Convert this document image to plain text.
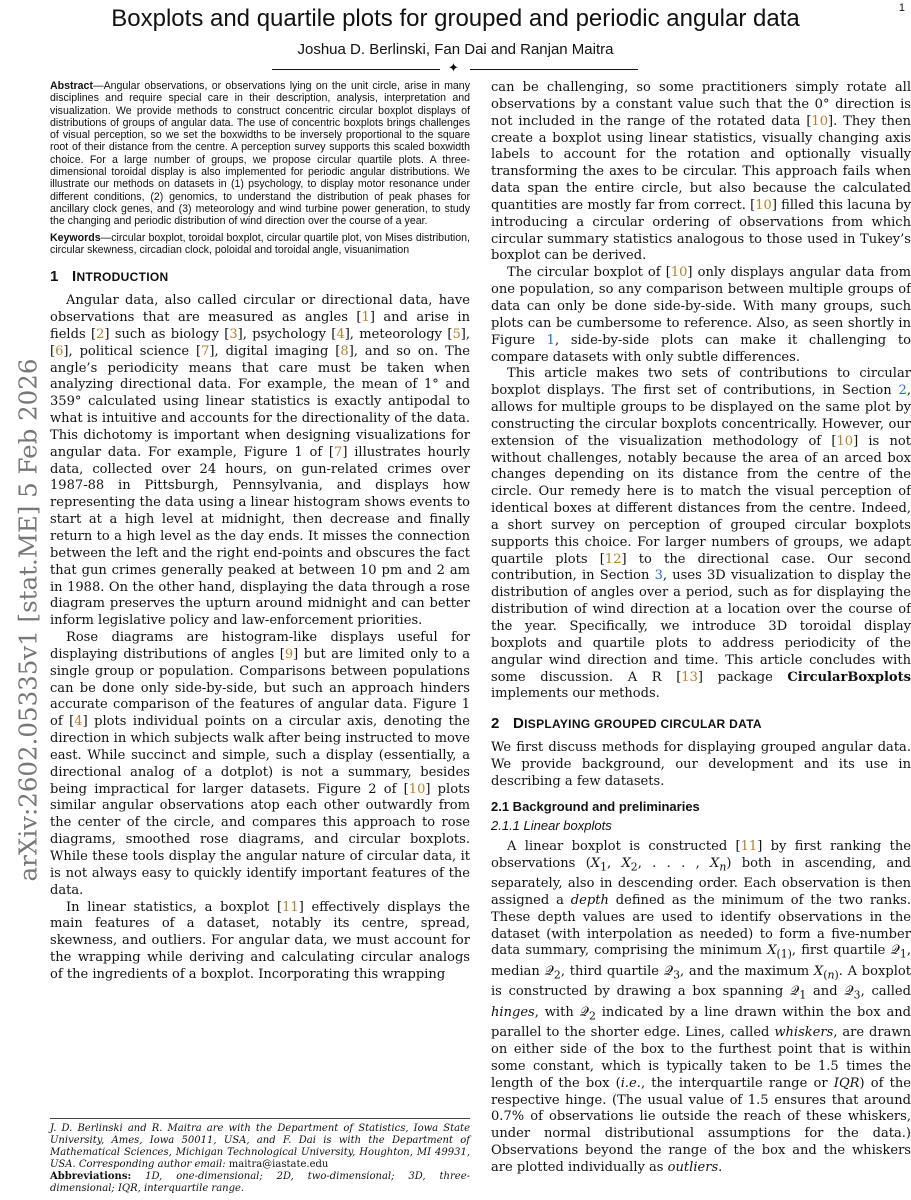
1
Boxplots and quartile plots for grouped and periodic angular data
Joshua D. Berlinski, Fan Dai and Ranjan Maitra
✦
arXiv:2602.05335v1 [stat.ME] 5 Feb 2026

Abstract—Angular observations, or observations lying on the unit circle, arise in many disciplines and require special care in their description, analysis, interpretation and visualization. We provide methods to construct concentric circular boxplot displays of distributions of groups of angular data. The use of concentric boxplots brings challenges of visual perception, so we set the boxwidths to be inversely proportional to the square root of their distance from the centre. A perception survey supports this scaled boxwidth choice. For a large number of groups, we propose circular quartile plots. A three-dimensional toroidal display is also implemented for periodic angular distributions. We illustrate our methods on datasets in (1) psychology, to display motor resonance under different conditions, (2) genomics, to understand the distribution of peak phases for ancillary clock genes, and (3) meteorology and wind turbine power generation, to study the changing and periodic distribution of wind direction over the course of a year.

Keywords—circular boxplot, toroidal boxplot, circular quartile plot, von Mises distribution, circular skewness, circadian clock, poloidal and toroidal angle, visuanimation

1 INTRODUCTION

Angular data, also called circular or directional data, have observations that are measured as angles [1] and arise in fields [2] such as biology [3], psychology [4], meteorology [5], [6], political science [7], digital imaging [8], and so on. The angle’s periodicity means that care must be taken when analyzing directional data. For example, the mean of 1° and 359° calculated using linear statistics is exactly antipodal to what is intuitive and accounts for the directionality of the data. This dichotomy is important when designing visualizations for angular data. For example, Figure 1 of [7] illustrates hourly data, collected over 24 hours, on gun-related crimes over 1987-88 in Pittsburgh, Pennsylvania, and displays how representing the data using a linear histogram shows events to start at a high level at midnight, then decrease and finally return to a high level as the day ends. It misses the connection between the left and the right end-points and obscures the fact that gun crimes generally peaked at between 10 pm and 2 am in 1988. On the other hand, displaying the data through a rose diagram preserves the upturn around midnight and can better inform legislative policy and law-enforcement priorities.

Rose diagrams are histogram-like displays useful for displaying distributions of angles [9] but are limited only to a single group or population. Comparisons between populations can be done only side-by-side, but such an approach hinders accurate comparison of the features of angular data. Figure 1 of [4] plots individual points on a circular axis, denoting the direction in which subjects walk after being instructed to move east. While succinct and simple, such a display (essentially, a directional analog of a dotplot) is not a summary, besides being impractical for larger datasets. Figure 2 of [10] plots similar angular observations atop each other outwardly from the center of the circle, and compares this approach to rose diagrams, smoothed rose diagrams, and circular boxplots. While these tools display the angular nature of circular data, it is not always easy to quickly identify important features of the data.

In linear statistics, a boxplot [11] effectively displays the main features of a dataset, notably its centre, spread, skewness, and outliers. For angular data, we must account for the wrapping while deriving and calculating circular analogs of the ingredients of a boxplot. Incorporating this wrapping

J. D. Berlinski and R. Maitra are with the Department of Statistics, Iowa State University, Ames, Iowa 50011, USA, and F. Dai is with the Department of Mathematical Sciences, Michigan Technological University, Houghton, MI 49931, USA. Corresponding author email: maitra@iastate.edu
Abbreviations: 1D, one-dimensional; 2D, two-dimensional; 3D, three-dimensional; IQR, interquartile range.

can be challenging, so some practitioners simply rotate all observations by a constant value such that the 0° direction is not included in the range of the rotated data [10]. They then create a boxplot using linear statistics, visually changing axis labels to account for the rotation and optionally visually transforming the axes to be circular. This approach fails when data span the entire circle, but also because the calculated quantities are mostly far from correct. [10] filled this lacuna by introducing a circular ordering of observations from which circular summary statistics analogous to those used in Tukey’s boxplot can be derived.

The circular boxplot of [10] only displays angular data from one population, so any comparison between multiple groups of data can only be done side-by-side. With many groups, such plots can be cumbersome to reference. Also, as seen shortly in Figure 1, side-by-side plots can make it challenging to compare datasets with only subtle differences.

This article makes two sets of contributions to circular boxplot displays. The first set of contributions, in Section 2, allows for multiple groups to be displayed on the same plot by constructing the circular boxplots concentrically. However, our extension of the visualization methodology of [10] is not without challenges, notably because the area of an arced box changes depending on its distance from the centre of the circle. Our remedy here is to match the visual perception of identical boxes at different distances from the centre. Indeed, a short survey on perception of grouped circular boxplots supports this choice. For larger numbers of groups, we adapt quartile plots [12] to the directional case. Our second contribution, in Section 3, uses 3D visualization to display the distribution of angles over a period, such as for displaying the distribution of wind direction at a location over the course of the year. Specifically, we introduce 3D toroidal display boxplots and quartile plots to address periodicity of the angular wind direction and time. This article concludes with some discussion. A R [13] package CircularBoxplots implements our methods.

2 DISPLAYING GROUPED CIRCULAR DATA

We first discuss methods for displaying grouped angular data. We provide background, our development and its use in describing a few datasets.

2.1 Background and preliminaries
2.1.1 Linear boxplots

A linear boxplot is constructed [11] by first ranking the observations ($X_1$, $X_2$, . . . , $X_n$) both in ascending, and separately, also in descending order. Each observation is then assigned a depth defined as the minimum of the two ranks. These depth values are used to identify observations in the dataset (with interpolation as needed) to form a five-number data summary, comprising the minimum $X_{(1)}$, first quartile 𝒬$_1$, median 𝒬$_2$, third quartile 𝒬$_3$, and the maximum $X_{(n)}$. A boxplot is constructed by drawing a box spanning 𝒬$_1$ and 𝒬$_3$, called hinges, with 𝒬$_2$ indicated by a line drawn within the box and parallel to the shorter edge. Lines, called whiskers, are drawn on either side of the box to the furthest point that is within some constant, which is typically taken to be 1.5 times the length of the box (i.e., the interquartile range or IQR) of the respective hinge. (The usual value of 1.5 ensures that around 0.7% of observations lie outside the reach of these whiskers, under normal distributional assumptions for the data.) Observations beyond the range of the box and the whiskers are plotted individually as outliers.
